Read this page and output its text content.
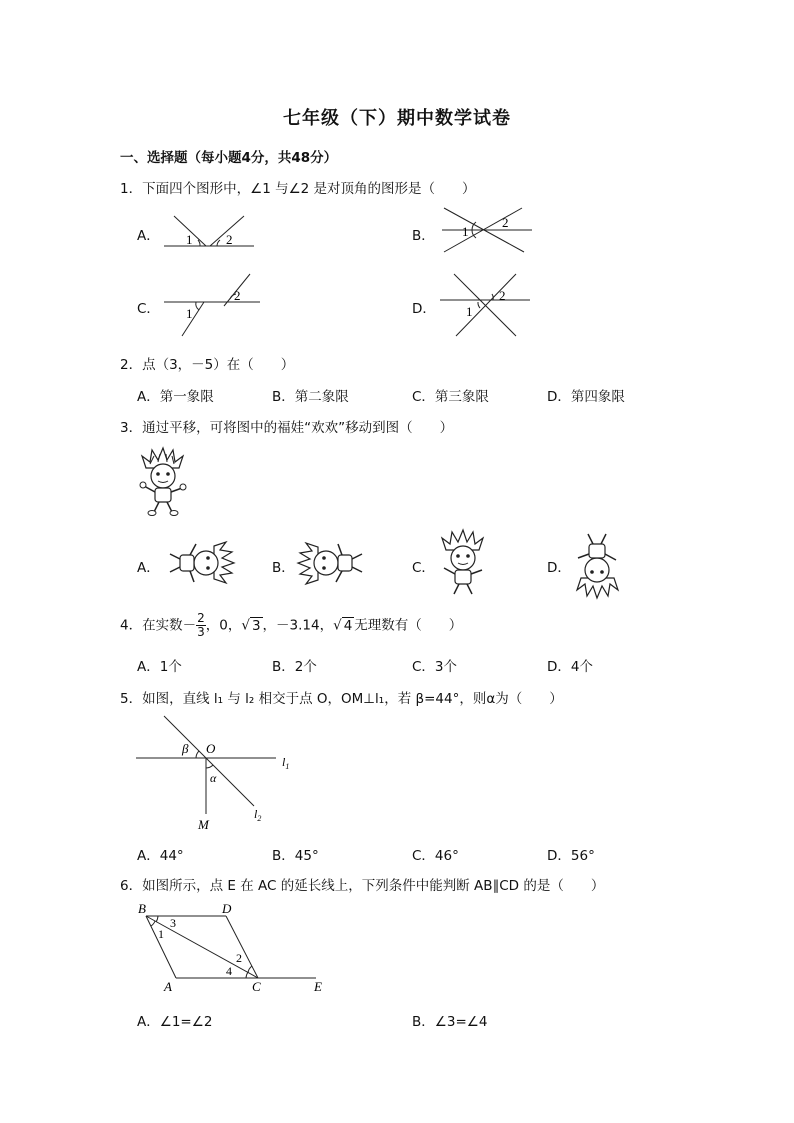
七年级（下）期中数学试卷
一、选择题（每小题4分，共48分）
1．下面四个图形中，∠1 与∠2 是对顶角的图形是（　　）
A．	B．
C．	D．
1	2
1
2
1
2
1
2
2．点（3，－5）在（　　）
A．第一象限	B．第二象限	C．第三象限	D．第四象限
3．通过平移，可将图中的福娃“欢欢”移动到图（　　）
A．	B．	C．	D．
4．在实数－ $\frac{2}{3}$ ，0，√ 3 ，－3.14，√ 4 无理数有（　　）
A．1个	B．2个	C．3个	D．4个
5．如图，直线 l₁ 与 l₂ 相交于点 O，OM⊥l₁，若 β=44°，则α为（　　）
β O
α
M
$l_1$
$l_2$
A．44°	B．45°	C．46°	D．56°
6．如图所示，点 E 在 AC 的延长线上，下列条件中能判断 AB∥CD 的是（　　）
B	D
A	C	E
1
2
3
4
A．∠1=∠2	B．∠3=∠4
